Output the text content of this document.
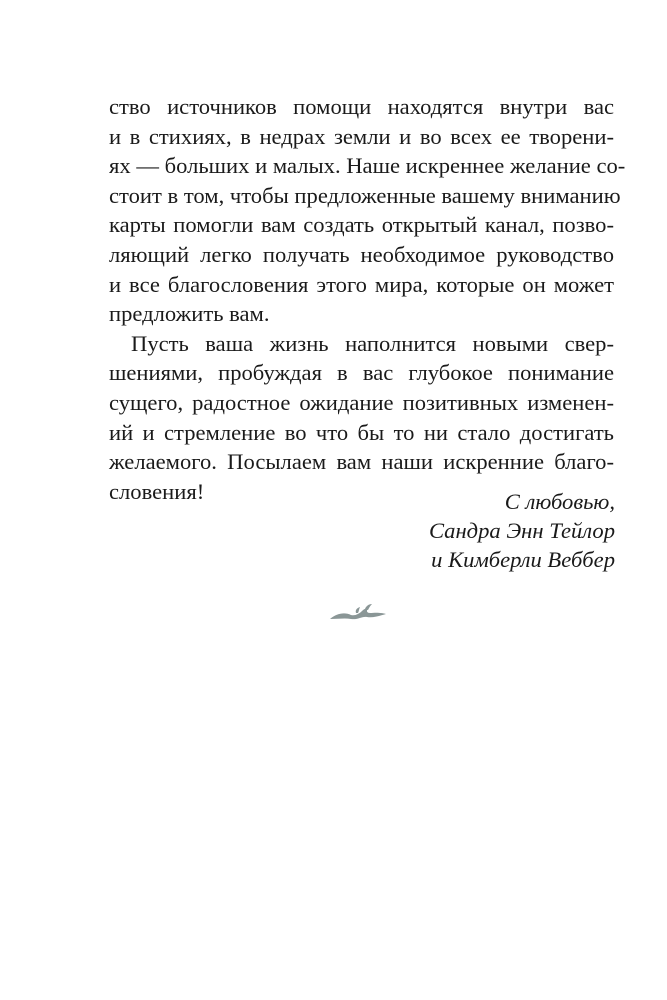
ство источников помощи находятся внутри вас
и в стихиях, в недрах земли и во всех ее творени-
ях — больших и малых. Наше искреннее желание со-
стоит в том, чтобы предложенные вашему вниманию
карты помогли вам создать открытый канал, позво-
ляющий легко получать необходимое руководство
и все благословения этого мира, которые он может
предложить вам.
Пусть ваша жизнь наполнится новыми свер-
шениями, пробуждая в вас глубокое понимание
сущего, радостное ожидание позитивных изменен-
ий и стремление во что бы то ни стало достигать
желаемого. Посылаем вам наши искренние благо-
словения!	С любовью,
Сандра Энн Тейлор
и Кимберли Веббер
